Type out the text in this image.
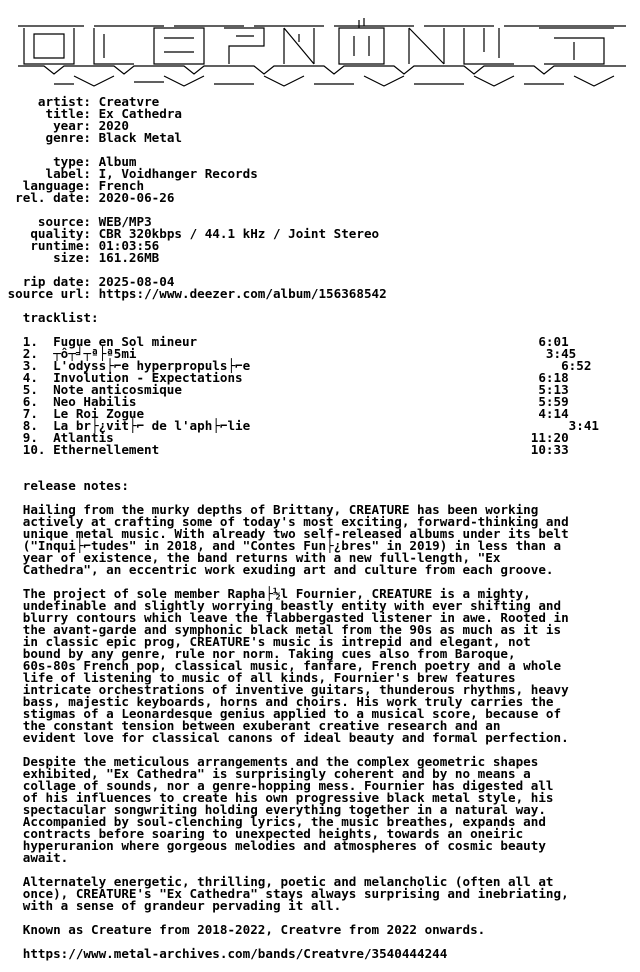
artist: Creatvre
title: Ex Cathedra
year: 2020
genre: Black Metal
type: Album
label: I, Voidhanger Records
language: French
rel. date: 2020-06-26
source: WEB/MP3
quality: CBR 320kbps / 44.1 kHz / Joint Stereo
runtime: 01:03:56
size: 161.26MB
rip date: 2025-08-04
source url: https://www.deezer.com/album/156368542
tracklist:
1.  Fugue en Sol mineur                                             6:01
2.  ┬ô┬╛┬ª├ª5mi                                                      3:45
3.  L'odyss├⌐e hyperpropuls├⌐e                                         6:52
4.  Involution - Expectations                                       6:18
5.  Note anticosmique                                               5:13
6.  Neo Habilis                                                     5:59
7.  Le Roi Zogue                                                    4:14
8.  La br├¿vit├⌐ de l'aph├⌐lie                                          3:41
9.  Atlantis                                                       11:20
10. Ethernellement                                                 10:33
release notes:
Hailing from the murky depths of Brittany, CREATURE has been working
actively at crafting some of today's most exciting, forward-thinking and
unique metal music. With already two self-released albums under its belt
("Inqui├⌐tudes" in 2018, and "Contes Fun├¿bres" in 2019) in less than a
year of existence, the band returns with a new full-length, "Ex
Cathedra", an eccentric work exuding art and culture from each groove.
The project of sole member Rapha├½l Fournier, CREATURE is a mighty,
undefinable and slightly worrying beastly entity with ever shifting and
blurry contours which leave the flabbergasted listener in awe. Rooted in
the avant-garde and symphonic black metal from the 90s as much as it is
in classic epic prog, CREATURE's music is intrepid and elegant, not
bound by any genre, rule nor norm. Taking cues also from Baroque,
60s-80s French pop, classical music, fanfare, French poetry and a whole
life of listening to music of all kinds, Fournier's brew features
intricate orchestrations of inventive guitars, thunderous rhythms, heavy
bass, majestic keyboards, horns and choirs. His work truly carries the
stigmas of a Leonardesque genius applied to a musical score, because of
the constant tension between exuberant creative research and an
evident love for classical canons of ideal beauty and formal perfection.
Despite the meticulous arrangements and the complex geometric shapes
exhibited, "Ex Cathedra" is surprisingly coherent and by no means a
collage of sounds, nor a genre-hopping mess. Fournier has digested all
of his influences to create his own progressive black metal style, his
spectacular songwriting holding everything together in a natural way.
Accompanied by soul-clenching lyrics, the music breathes, expands and
contracts before soaring to unexpected heights, towards an oneiric
hyperuranion where gorgeous melodies and atmospheres of cosmic beauty
await.
Alternately energetic, thrilling, poetic and melancholic (often all at
once), CREATURE's "Ex Cathedra" stays always surprising and inebriating,
with a sense of grandeur pervading it all.
Known as Creature from 2018-2022, Creatvre from 2022 onwards.
https://www.metal-archives.com/bands/Creatvre/3540444244
